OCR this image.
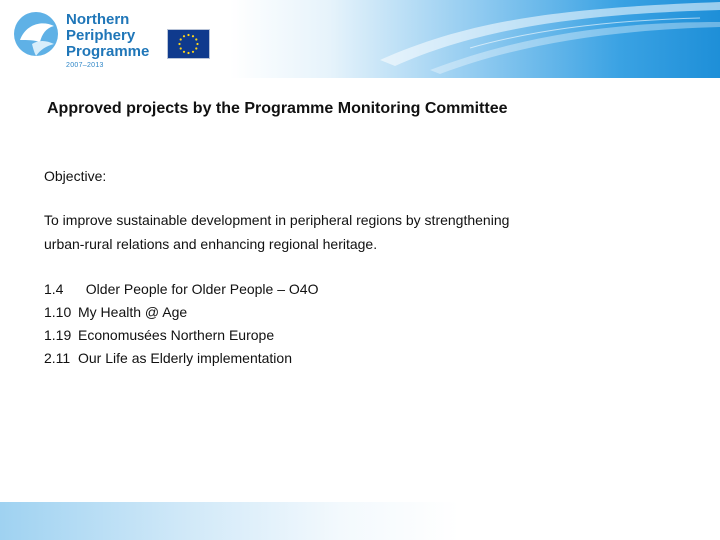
Northern
Periphery
Programme
2007–2013
Approved projects by the Programme Monitoring Committee
Objective:
To improve sustainable development in peripheral regions by strengthening
urban-rural relations and enhancing regional heritage.
1.4
	Older People for Older People – O4O
1.10 My Health @ Age
1.19 Economusées Northern Europe
2.11 Our Life as Elderly implementation
